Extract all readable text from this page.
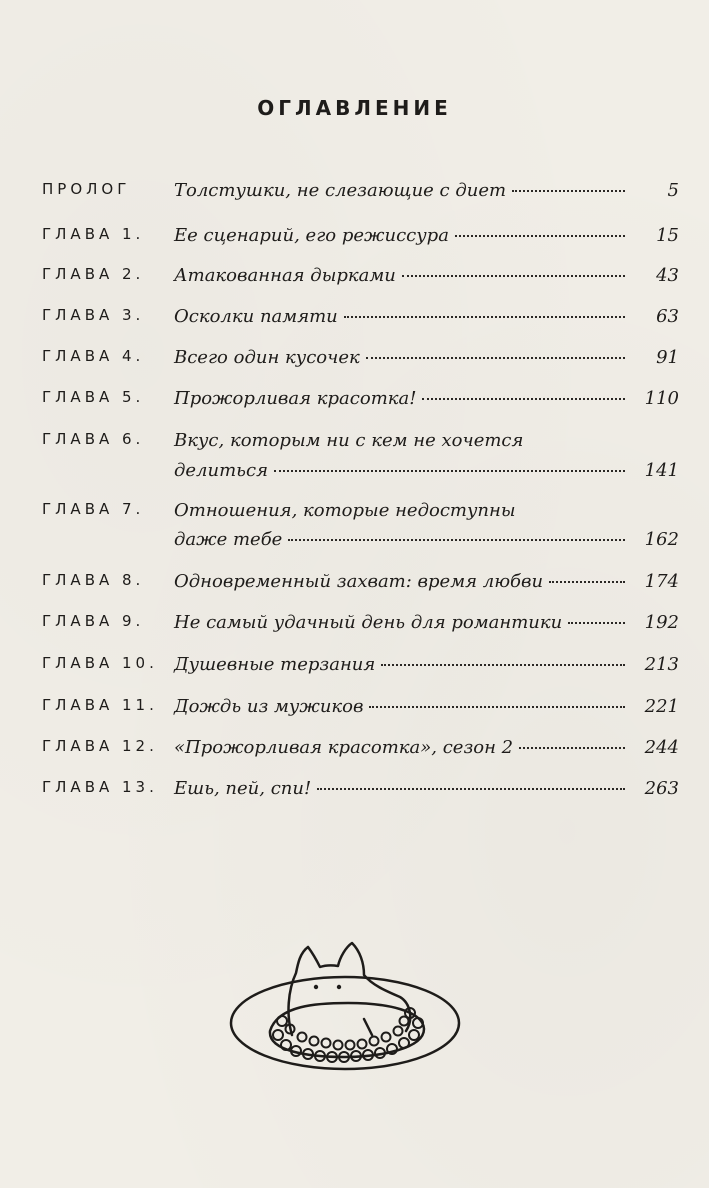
ОГЛАВЛЕНИЕ
ПРОЛОГ Толстушки, не слезающие с диет	5
ГЛАВА 1. Ее сценарий, его режиссура	15
ГЛАВА 2. Атакованная дырками	43
ГЛАВА 3. Осколки памяти	63
ГЛАВА 4. Всего один кусочек	91
ГЛАВА 5. Прожорливая красотка!	110
ГЛАВА 6. Вкус, которым ни с кем не хочется
делиться	141
ГЛАВА 7. Отношения, которые недоступны
даже тебе	162
ГЛАВА 8. Одновременный захват: время любви	174
ГЛАВА 9. Не самый удачный день для романтики	192
ГЛАВА 10. Душевные терзания	213
ГЛАВА 11. Дождь из мужиков	221
ГЛАВА 12. «Прожорливая красотка», сезон 2	244
ГЛАВА 13. Ешь, пей, спи!	263
